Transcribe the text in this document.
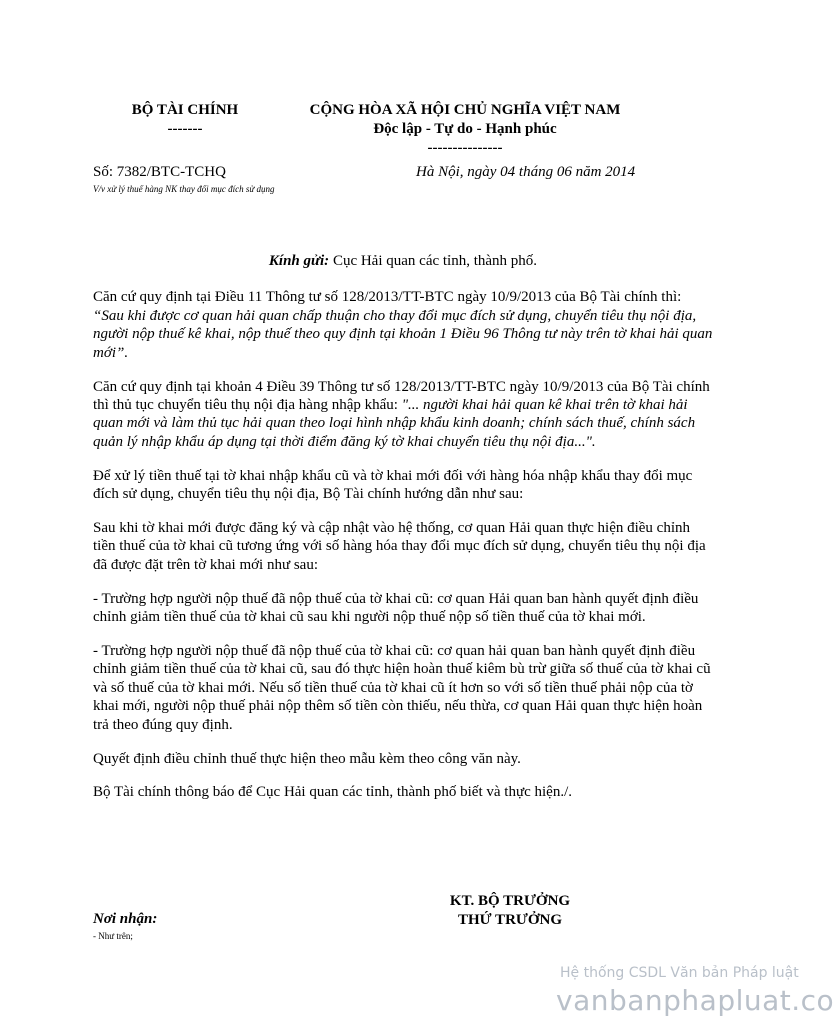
BỘ TÀI CHÍNH
-------
CỘNG HÒA XÃ HỘI CHỦ NGHĨA VIỆT NAM
Độc lập - Tự do - Hạnh phúc
---------------
Số: 7382/BTC-TCHQ
V/v xử lý thuế hàng NK thay đổi mục đích sử dụng
Hà Nội, ngày 04 tháng 06 năm 2014

Kính gửi: Cục Hải quan các tỉnh, thành phố.

Căn cứ quy định tại Điều 11 Thông tư số 128/2013/TT-BTC ngày 10/9/2013 của Bộ Tài chính thì: “Sau khi được cơ quan hải quan chấp thuận cho thay đổi mục đích sử dụng, chuyển tiêu thụ nội địa, người nộp thuế kê khai, nộp thuế theo quy định tại khoản 1 Điều 96 Thông tư này trên tờ khai hải quan mới”.

Căn cứ quy định tại khoản 4 Điều 39 Thông tư số 128/2013/TT-BTC ngày 10/9/2013 của Bộ Tài chính thì thủ tục chuyển tiêu thụ nội địa hàng nhập khẩu: "... người khai hải quan kê khai trên tờ khai hải quan mới và làm thủ tục hải quan theo loại hình nhập khẩu kinh doanh; chính sách thuế, chính sách quản lý nhập khẩu áp dụng tại thời điểm đăng ký tờ khai chuyển tiêu thụ nội địa...".

Để xử lý tiền thuế tại tờ khai nhập khẩu cũ và tờ khai mới đối với hàng hóa nhập khẩu thay đổi mục đích sử dụng, chuyển tiêu thụ nội địa, Bộ Tài chính hướng dẫn như sau:

Sau khi tờ khai mới được đăng ký và cập nhật vào hệ thống, cơ quan Hải quan thực hiện điều chỉnh tiền thuế của tờ khai cũ tương ứng với số hàng hóa thay đổi mục đích sử dụng, chuyển tiêu thụ nội địa đã được đặt trên tờ khai mới như sau:

- Trường hợp người nộp thuế đã nộp thuế của tờ khai cũ: cơ quan Hải quan ban hành quyết định điều chỉnh giảm tiền thuế của tờ khai cũ sau khi người nộp thuế nộp số tiền thuế của tờ khai mới.

- Trường hợp người nộp thuế đã nộp thuế của tờ khai cũ: cơ quan hải quan ban hành quyết định điều chỉnh giảm tiền thuế của tờ khai cũ, sau đó thực hiện hoàn thuế kiêm bù trừ giữa số thuế của tờ khai cũ và số thuế của tờ khai mới. Nếu số tiền thuế của tờ khai cũ ít hơn so với số tiền thuế phải nộp của tờ khai mới, người nộp thuế phải nộp thêm số tiền còn thiếu, nếu thừa, cơ quan Hải quan thực hiện hoàn trả theo đúng quy định.

Quyết định điều chỉnh thuế thực hiện theo mẫu kèm theo công văn này.

Bộ Tài chính thông báo để Cục Hải quan các tỉnh, thành phố biết và thực hiện./.

KT. BỘ TRƯỞNG
THỨ TRƯỞNG
Nơi nhận:
- Như trên;
Hệ thống CSDL Văn bản Pháp luật
vanbanphapluat.co
